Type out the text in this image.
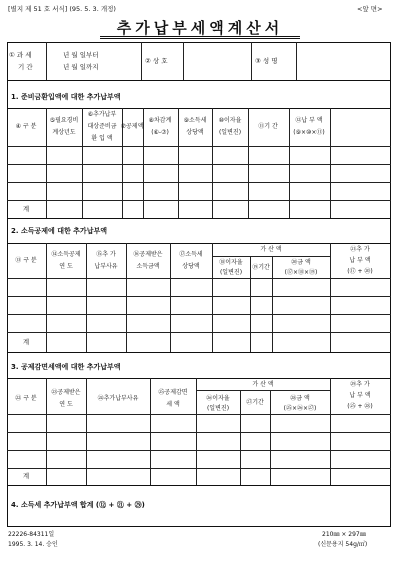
[별지 제 51 호 서식] (95. 5. 3. 개정)	<앞 면>
추가납부세액계산서
① 과 세
기 간
년 월 일부터
년 월 일까지
② 상 호	③ 성 명
1. 준비금환입액에 대한 추가납부액
④ 구 분
⑤필요경비
계상년도
⑥추가납부
대상준비금
환 입 액
⑦공제액
⑧차감계
(⑥-⑦)
⑨소득세
상당액
⑩이자율
(일변진)
⑪기 간
⑫납 부 액
(⑨×⑩×⑪)
계
2. 소득공제에 대한 추가납부액
가 산 액
⑬ 구 분
⑭소득공제
연 도
⑮추 가
납부사유
⑯공제받은
소득금액
⑰소득세
상당액
⑱이자율
(일변진)
⑲기간
⑳금 액
(⑰×⑱×⑲)
㉑추 가
납 부 액
(⑰ + ⑳)
계
3. 공제감면세액에 대한 추가납부액
가 산 액
㉒ 구 분
㉓공제받은
연 도
㉔추가납부사유
㉕공제감면
세 액
㉖이자율
(일변진)
㉗기간
㉘금 액
(㉕×㉖×㉗)
㉙추 가
납 부 액
(㉕ + ㉘)
계
4. 소득세 추가납부액 합계 (⑫ + ㉑ + ㉙)
22226-84311일
1995. 3. 14. 승인
210㎜ × 297㎜
(신문용지 54g/㎡)
